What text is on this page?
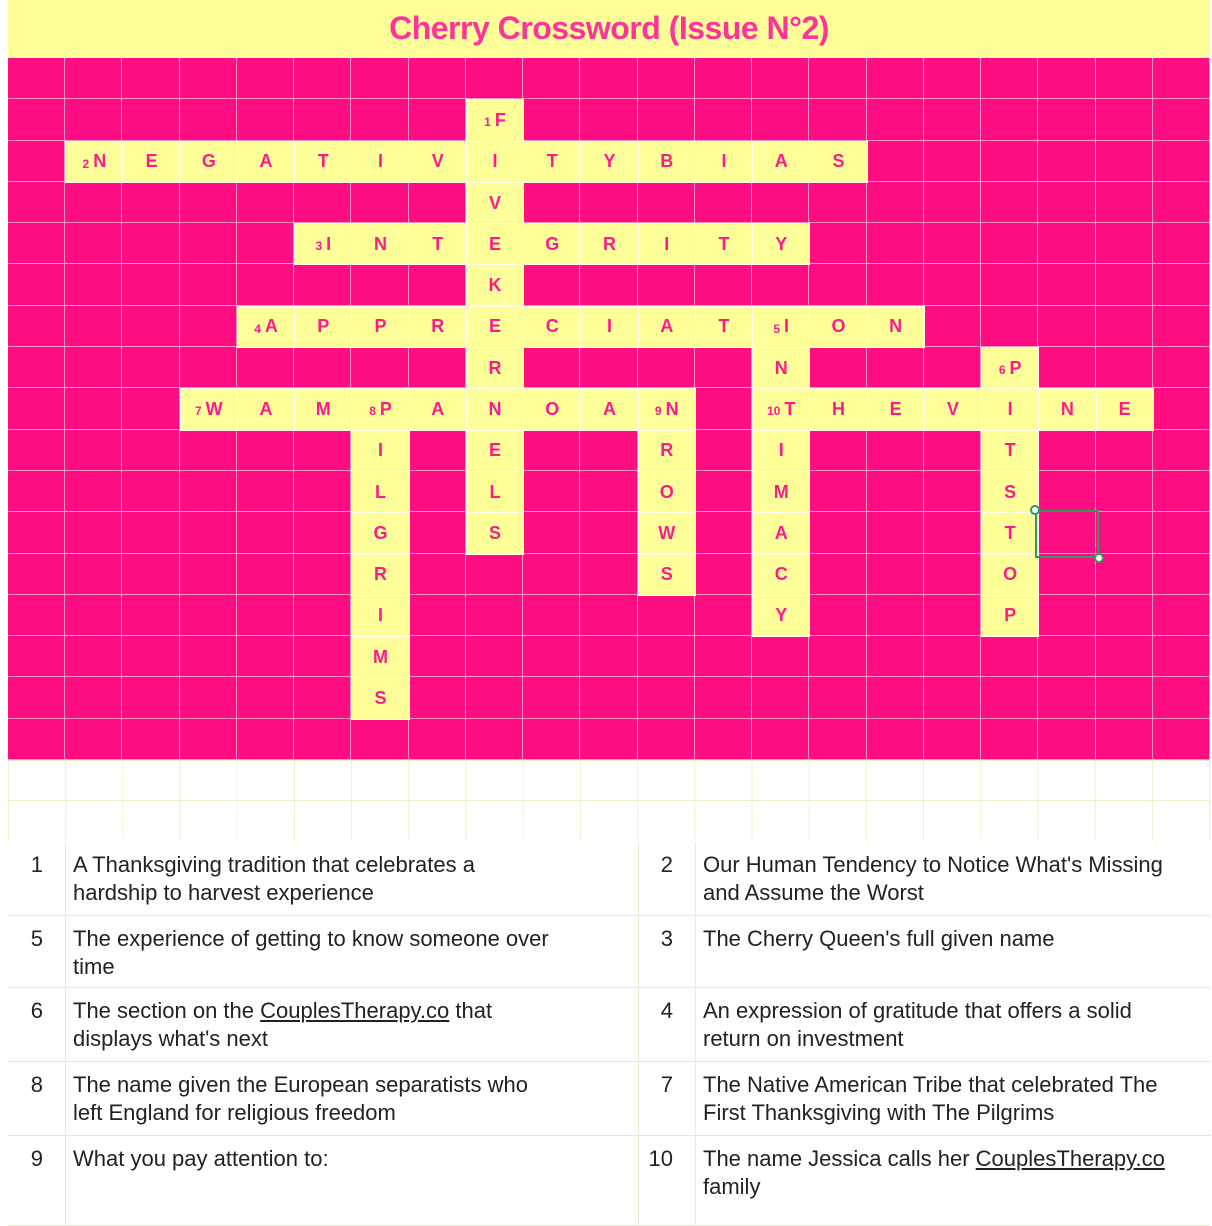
Cherry Crossword (Issue N°2)
1 F
2 N E G A	T	I	V	I	T	Y B	I	A S
V
3 I N	T	E G R	I	T	Y
K
4 A P	P R E C	I	A	T	5 I O N
R	N	6 P
7 W A M	8 P A N O A	9 N	10 T H E	V	I	N E
I	E	R	I	T
L	L	O	M	S
G	S	W	A	T
R	S	C	O
I	Y	P
M
S
1 A Thanksgiving tradition that celebrates a hardship to harvest experience
2 Our Human Tendency to Notice What's Missing and Assume the Worst
5 The experience of getting to know someone over time
3 The Cherry Queen's full given name
6 The section on the CouplesTherapy.co that displays what's next
4 An expression of gratitude that offers a solid return on investment
8 The name given the European separatists who left England for religious freedom
7 The Native American Tribe that celebrated The First Thanksgiving with The Pilgrims
9 What you pay attention to:	10 The name Jessica calls her CouplesTherapy.co family
